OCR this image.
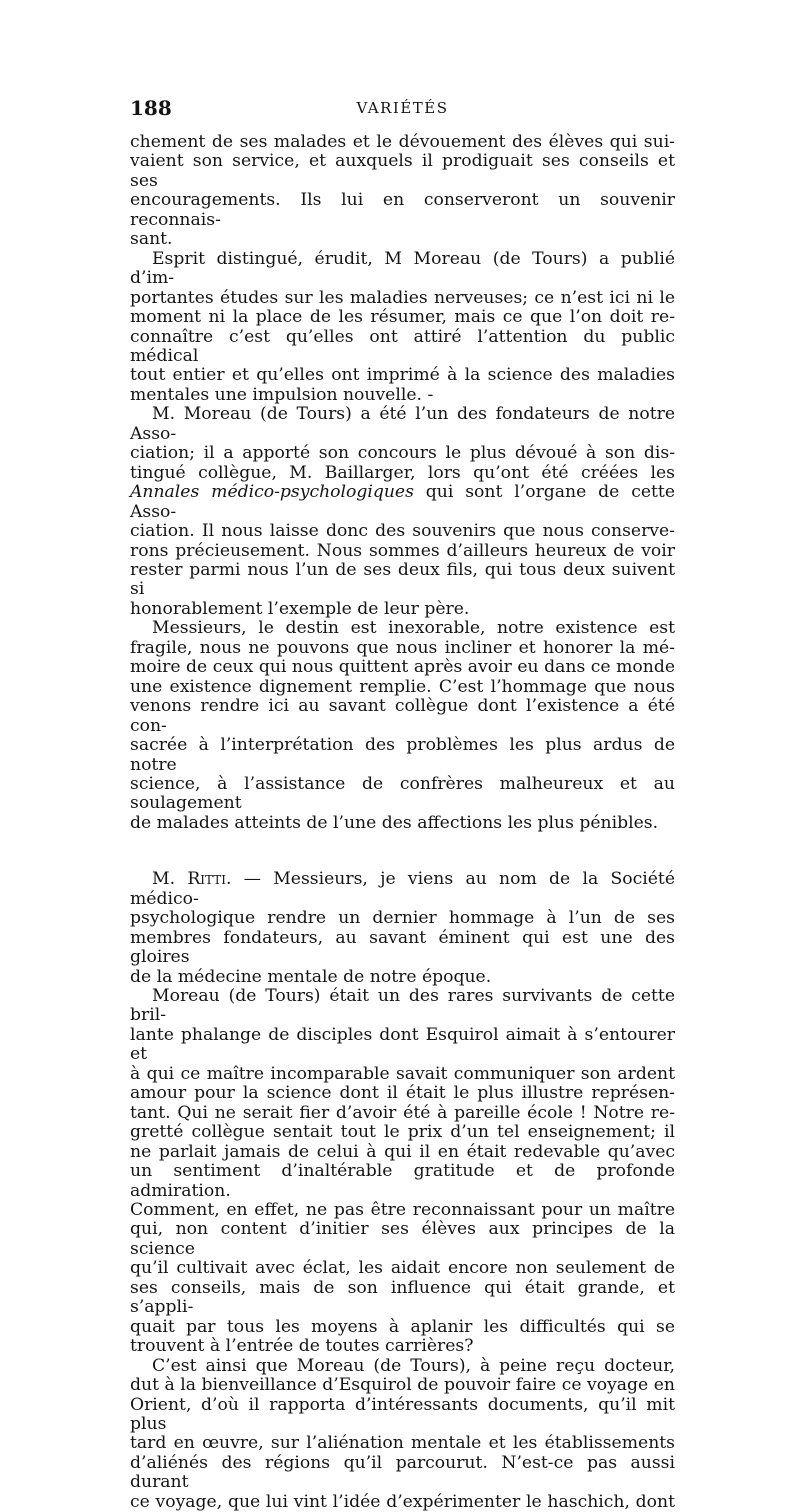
188	VARIÉTÉS

chement de ses malades et le dévouement des élèves qui sui-

vaient son service, et auxquels il prodiguait ses conseils et ses

encouragements. Ils lui en conserveront un souvenir reconnais-

sant.

Esprit distingué, érudit, M Moreau (de Tours) a publié d’im-

portantes études sur les maladies nerveuses; ce n’est ici ni le

moment ni la place de les résumer, mais ce que l’on doit re-

connaître c’est qu’elles ont attiré l’attention du public médical

tout entier et qu’elles ont imprimé à la science des maladies

mentales une impulsion nouvelle. -

M. Moreau (de Tours) a été l’un des fondateurs de notre Asso-

ciation; il a apporté son concours le plus dévoué à son dis-

tingué collègue, M. Baillarger, lors qu’ont été créées les

Annales médico-psychologiques qui sont l’organe de cette Asso-

ciation. Il nous laisse donc des souvenirs que nous conserve-

rons précieusement. Nous sommes d’ailleurs heureux de voir

rester parmi nous l’un de ses deux fils, qui tous deux suivent si

honorablement l’exemple de leur père.

Messieurs, le destin est inexorable, notre existence est

fragile, nous ne pouvons que nous incliner et honorer la mé-

moire de ceux qui nous quittent après avoir eu dans ce monde

une existence dignement remplie. C’est l’hommage que nous

venons rendre ici au savant collègue dont l’existence a été con-

sacrée à l’interprétation des problèmes les plus ardus de notre

science, à l’assistance de confrères malheureux et au soulagement

de malades atteints de l’une des affections les plus pénibles.

M. Ritti. — Messieurs, je viens au nom de la Société médico-

psychologique rendre un dernier hommage à l’un de ses

membres fondateurs, au savant éminent qui est une des gloires

de la médecine mentale de notre époque.

Moreau (de Tours) était un des rares survivants de cette bril-

lante phalange de disciples dont Esquirol aimait à s’entourer et

à qui ce maître incomparable savait communiquer son ardent

amour pour la science dont il était le plus illustre représen-

tant. Qui ne serait fier d’avoir été à pareille école ! Notre re-

gretté collègue sentait tout le prix d’un tel enseignement; il

ne parlait jamais de celui à qui il en était redevable qu’avec

un sentiment d’inaltérable gratitude et de profonde admiration.

Comment, en effet, ne pas être reconnaissant pour un maître

qui, non content d’initier ses élèves aux principes de la science

qu’il cultivait avec éclat, les aidait encore non seulement de

ses conseils, mais de son influence qui était grande, et s’appli-

quait par tous les moyens à aplanir les difficultés qui se

trouvent à l’entrée de toutes carrières?

C’est ainsi que Moreau (de Tours), à peine reçu docteur,

dut à la bienveillance d’Esquirol de pouvoir faire ce voyage en

Orient, d’où il rapporta d’intéressants documents, qu’il mit plus

tard en œuvre, sur l’aliénation mentale et les établissements

d’aliénés des régions qu’il parcourut. N’est-ce pas aussi durant

ce voyage, que lui vint l’idée d’expérimenter le haschich, dont
